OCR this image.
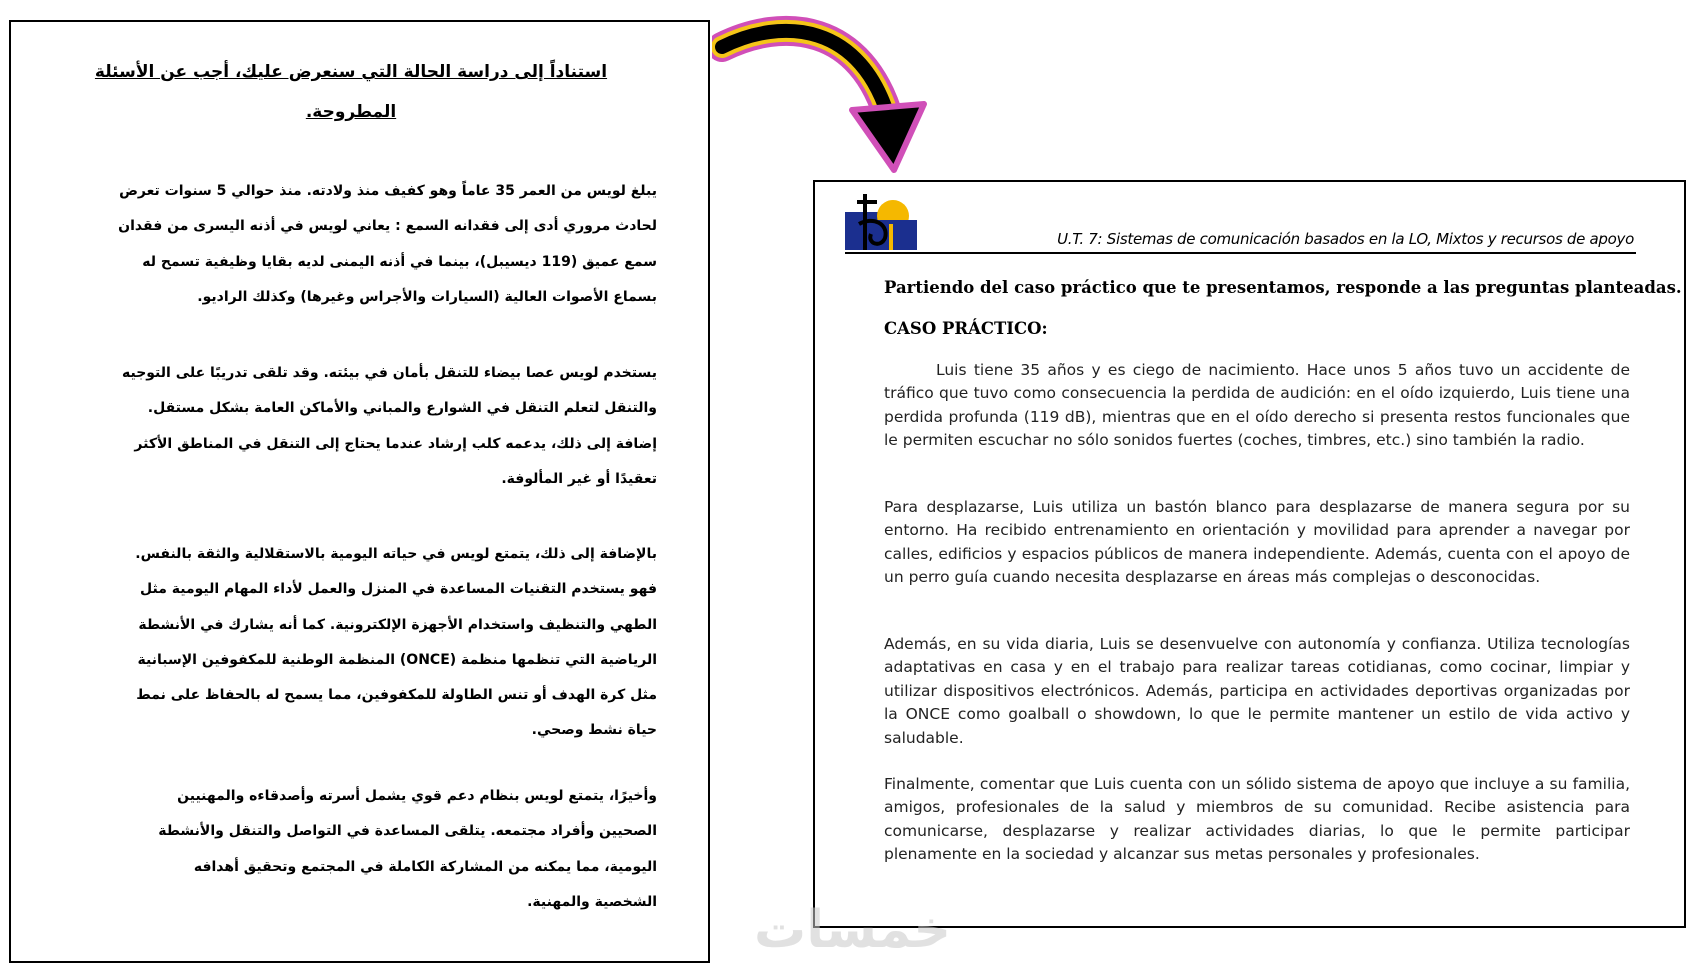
استناداً إلى دراسة الحالة التي سنعرض عليك، أجب عن الأسئلة
المطروحة.

يبلغ لويس من العمر 35 عاماً وهو كفيف منذ ولادته. منذ حوالي 5 سنوات تعرض
لحادث مروري أدى إلى فقدانه السمع : يعاني لويس في أذنه اليسرى من فقدان
سمع عميق (119 ديسيبل)، بينما في أذنه اليمنى لديه بقايا وظيفية تسمح له
بسماع الأصوات العالية (السيارات والأجراس وغيرها) وكذلك الراديو.

يستخدم لويس عصا بيضاء للتنقل بأمان في بيئته. وقد تلقى تدريبًا على التوجيه
والتنقل لتعلم التنقل في الشوارع والمباني والأماكن العامة بشكل مستقل.
إضافة إلى ذلك، يدعمه كلب إرشاد عندما يحتاج إلى التنقل في المناطق الأكثر
تعقيدًا أو غير المألوفة.

بالإضافة إلى ذلك، يتمتع لويس في حياته اليومية بالاستقلالية والثقة بالنفس.
فهو يستخدم التقنيات المساعدة في المنزل والعمل لأداء المهام اليومية مثل
الطهي والتنظيف واستخدام الأجهزة الإلكترونية. كما أنه يشارك في الأنشطة
الرياضية التي تنظمها منظمة (ONCE) المنظمة الوطنية للمكفوفين الإسبانية
مثل كرة الهدف أو تنس الطاولة للمكفوفين، مما يسمح له بالحفاظ على نمط
حياة نشط وصحي.

وأخيرًا، يتمتع لويس بنظام دعم قوي يشمل أسرته وأصدقاءه والمهنيين
الصحيين وأفراد مجتمعه. يتلقى المساعدة في التواصل والتنقل والأنشطة
اليومية، مما يمكنه من المشاركة الكاملة في المجتمع وتحقيق أهدافه
الشخصية والمهنية.

U.T. 7: Sistemas de comunicación basados en la LO, Mixtos y recursos de apoyo
Partiendo del caso práctico que te presentamos, responde a las preguntas planteadas.
CASO PRÁCTICO:

Luis tiene 35 años y es ciego de nacimiento. Hace unos 5 años tuvo un accidente de tráfico que tuvo como consecuencia la perdida de audición: en el oído izquierdo, Luis tiene una perdida profunda (119 dB), mientras que en el oído derecho si presenta restos funcionales que le permiten escuchar no sólo sonidos fuertes (coches, timbres, etc.) sino también la radio.

Para desplazarse, Luis utiliza un bastón blanco para desplazarse de manera segura por su entorno. Ha recibido entrenamiento en orientación y movilidad para aprender a navegar por calles, edificios y espacios públicos de manera independiente. Además, cuenta con el apoyo de un perro guía cuando necesita desplazarse en áreas más complejas o desconocidas.

Además, en su vida diaria, Luis se desenvuelve con autonomía y confianza. Utiliza tecnologías adaptativas en casa y en el trabajo para realizar tareas cotidianas, como cocinar, limpiar y utilizar dispositivos electrónicos. Además, participa en actividades deportivas organizadas por la ONCE como goalball o showdown, lo que le permite mantener un estilo de vida activo y saludable.

Finalmente, comentar que Luis cuenta con un sólido sistema de apoyo que incluye a su familia, amigos, profesionales de la salud y miembros de su comunidad. Recibe asistencia para comunicarse, desplazarse y realizar actividades diarias, lo que le permite participar plenamente en la sociedad y alcanzar sus metas personales y profesionales.

خمسات
